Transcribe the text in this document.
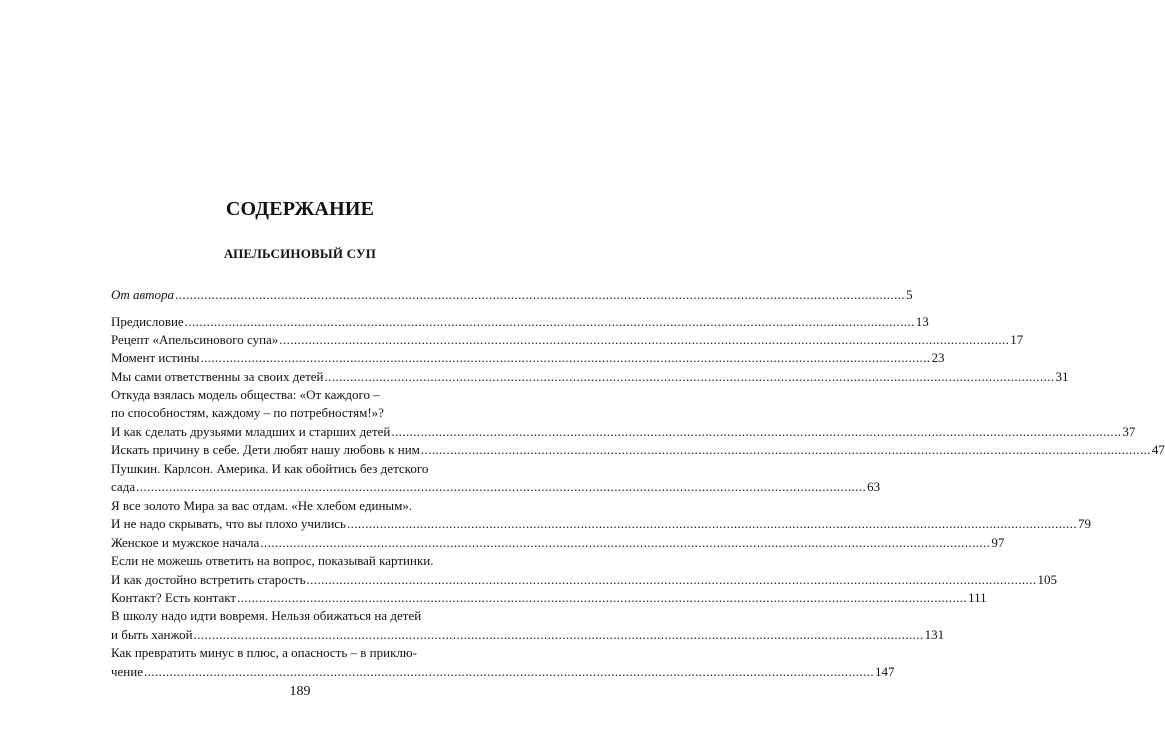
СОДЕРЖАНИЕ
АПЕЛЬСИНОВЫЙ СУП
От автора ........................................................................................................................................................................................................ 5
Предисловие ........................................................................................................................................................................................................ 13
Рецепт «Апельсинового супа» ........................................................................................................................................................................................................ 17
Момент истины ........................................................................................................................................................................................................ 23
Мы сами ответственны за своих детей ........................................................................................................................................................................................................ 31
Откуда взялась модель общества: «От каждого –
по способностям, каждому – по потребностям!»?
И как сделать друзьями младших и старших детей ........................................................................................................................................................................................................ 37
Искать причину в себе. Дети любят нашу любовь к ним ........................................................................................................................................................................................................ 47
Пушкин. Карлсон. Америка. И как обойтись без детского
сада ........................................................................................................................................................................................................ 63
Я все золото Мира за вас отдам. «Не хлебом единым».
И не надо скрывать, что вы плохо учились ........................................................................................................................................................................................................ 79
Женское и мужское начала ........................................................................................................................................................................................................ 97
Если не можешь ответить на вопрос, показывай картинки.
И как достойно встретить старость ........................................................................................................................................................................................................ 105
Контакт? Есть контакт ........................................................................................................................................................................................................ 111
В школу надо идти вовремя. Нельзя обижаться на детей
и быть ханжой ........................................................................................................................................................................................................ 131
Как превратить минус в плюс, а опасность – в приклю-
чение ........................................................................................................................................................................................................ 147
189
